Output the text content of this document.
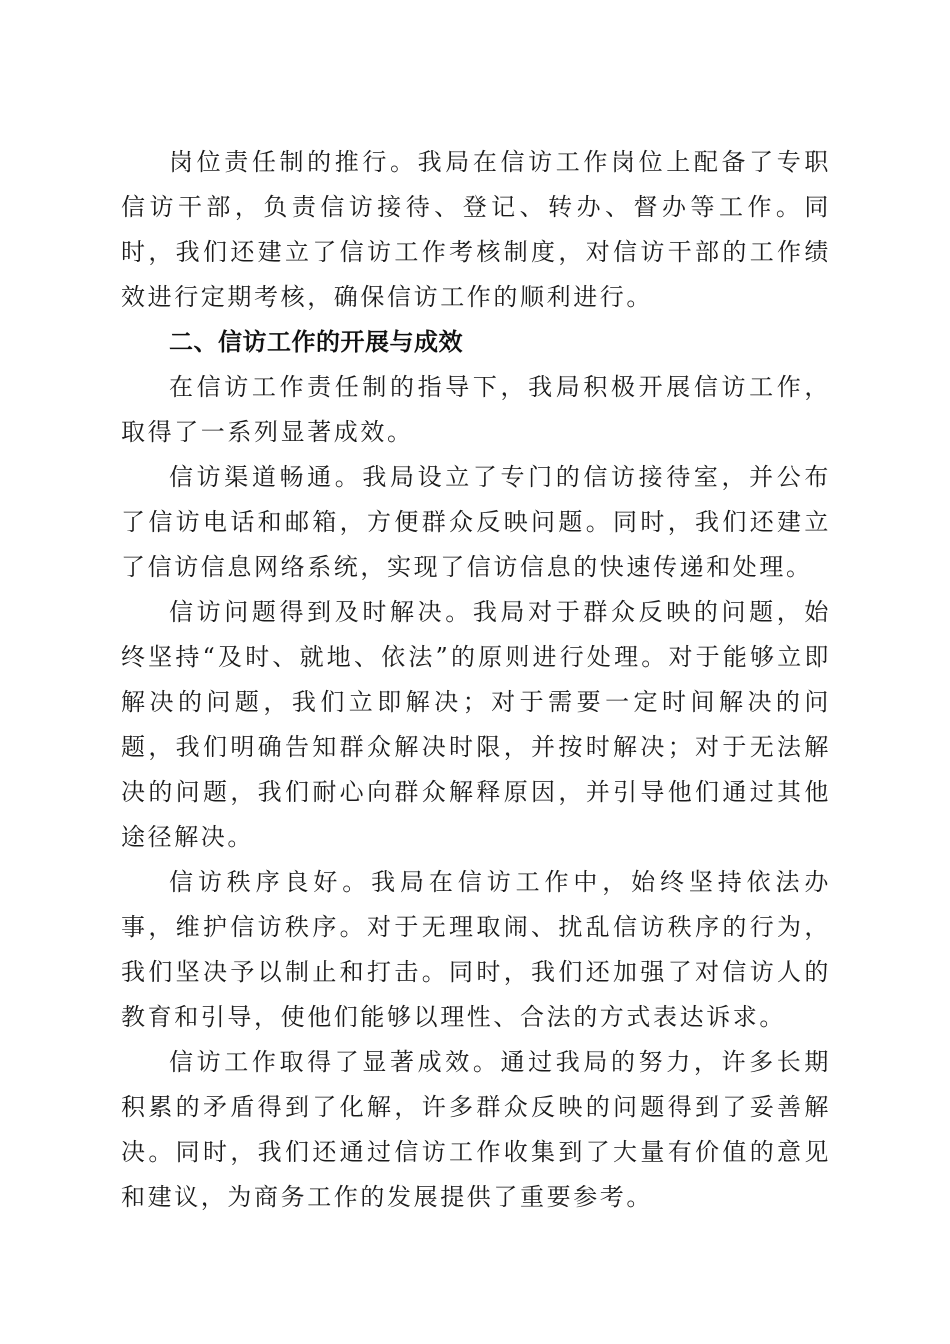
岗位责任制的推行。我局在信访工作岗位上配备了专职信访干部，负责信访接待、登记、转办、督办等工作。同时，我们还建立了信访工作考核制度，对信访干部的工作绩效进行定期考核，确保信访工作的顺利进行。

二、信访工作的开展与成效

在信访工作责任制的指导下，我局积极开展信访工作，取得了一系列显著成效。

信访渠道畅通。我局设立了专门的信访接待室，并公布了信访电话和邮箱，方便群众反映问题。同时，我们还建立了信访信息网络系统，实现了信访信息的快速传递和处理。

信访问题得到及时解决。我局对于群众反映的问题，始终坚持“及时、就地、依法”的原则进行处理。对于能够立即解决的问题，我们立即解决；对于需要一定时间解决的问题，我们明确告知群众解决时限，并按时解决；对于无法解决的问题，我们耐心向群众解释原因，并引导他们通过其他途径解决。

信访秩序良好。我局在信访工作中，始终坚持依法办事，维护信访秩序。对于无理取闹、扰乱信访秩序的行为，我们坚决予以制止和打击。同时，我们还加强了对信访人的教育和引导，使他们能够以理性、合法的方式表达诉求。

信访工作取得了显著成效。通过我局的努力，许多长期积累的矛盾得到了化解，许多群众反映的问题得到了妥善解决。同时，我们还通过信访工作收集到了大量有价值的意见和建议，为商务工作的发展提供了重要参考。
